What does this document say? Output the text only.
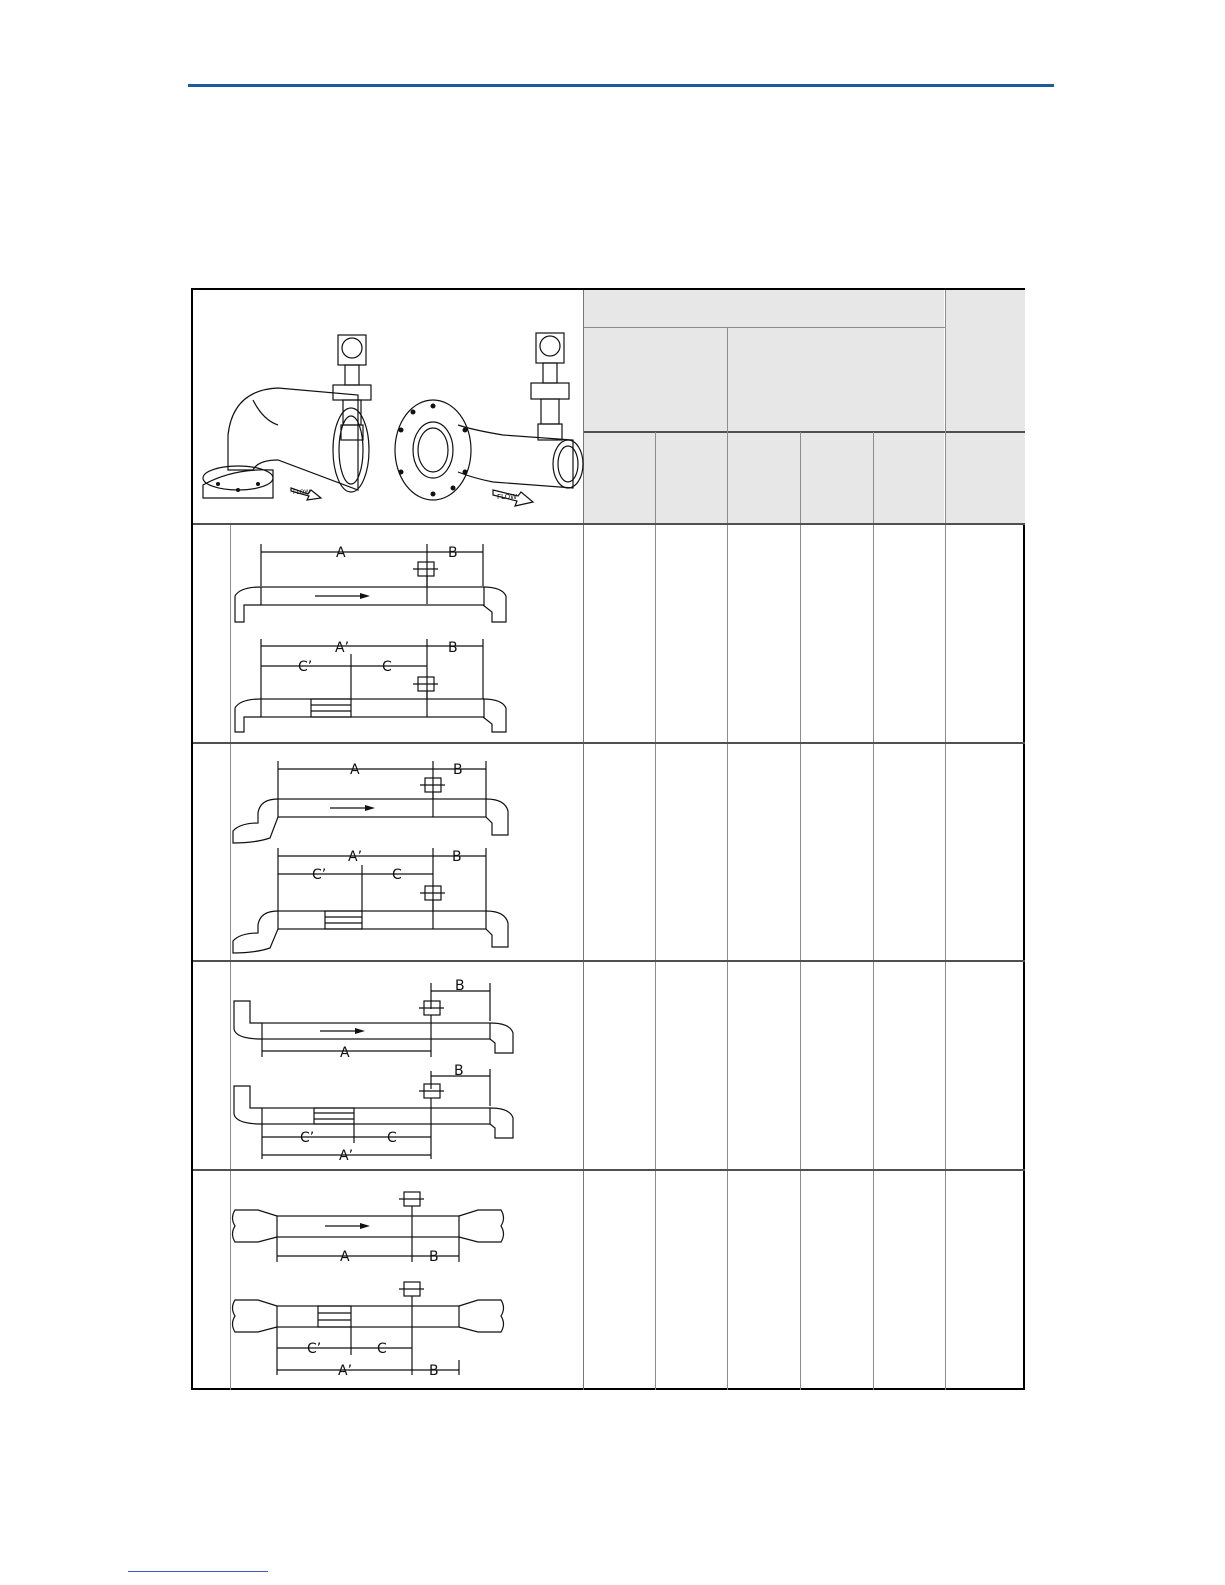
FLOW
FLOW
A	B
A’	B
C’	C
A	B
A’	B
C’	C
B
A
B
C’	C
A’
A	B
C’	C
A’	B
